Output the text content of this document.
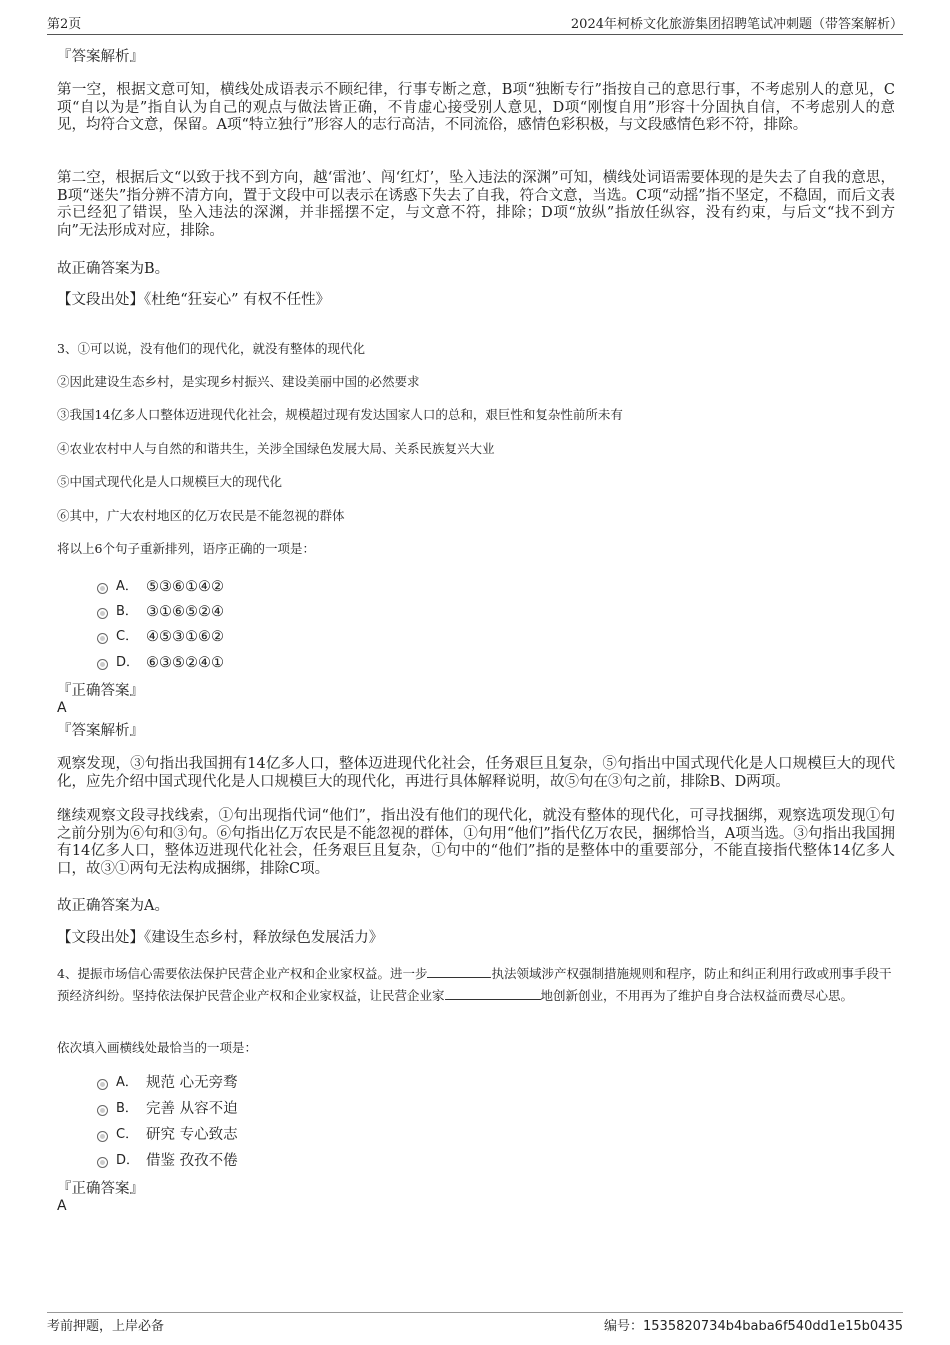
第2页	2024年柯桥文化旅游集团招聘笔试冲刺题（带答案解析）
『答案解析』
第一空，根据文意可知，横线处成语表示不顾纪律，行事专断之意，B项“独断专行”指按自己的意思行事，不考虑别人的意见，C项“自以为是”指自认为自己的观点与做法皆正确，不肯虚心接受别人意见，D项“刚愎自用”形容十分固执自信，不考虑别人的意见，均符合文意，保留。A项“特立独行”形容人的志行高洁，不同流俗，感情色彩积极，与文段感情色彩不符，排除。
第二空，根据后文“以致于找不到方向，越‘雷池’、闯‘红灯’，坠入违法的深渊”可知，横线处词语需要体现的是失去了自我的意思，B项“迷失”指分辨不清方向，置于文段中可以表示在诱惑下失去了自我，符合文意，当选。C项“动摇”指不坚定，不稳固，而后文表示已经犯了错误，坠入违法的深渊，并非摇摆不定，与文意不符，排除；D项“放纵”指放任纵容，没有约束，与后文“找不到方向”无法形成对应，排除。
故正确答案为B。
【文段出处】《杜绝“狂妄心” 有权不任性》
3、①可以说，没有他们的现代化，就没有整体的现代化
②因此建设生态乡村，是实现乡村振兴、建设美丽中国的必然要求
③我国14亿多人口整体迈进现代化社会，规模超过现有发达国家人口的总和，艰巨性和复杂性前所未有
④农业农村中人与自然的和谐共生，关涉全国绿色发展大局、关系民族复兴大业
⑤中国式现代化是人口规模巨大的现代化
⑥其中，广大农村地区的亿万农民是不能忽视的群体
将以上6个句子重新排列，语序正确的一项是：
A． ⑤③⑥①④②
B． ③①⑥⑤②④
C． ④⑤③①⑥②
D． ⑥③⑤②④①
『正确答案』
A
『答案解析』
观察发现，③句指出我国拥有14亿多人口，整体迈进现代化社会，任务艰巨且复杂，⑤句指出中国式现代化是人口规模巨大的现代化，应先介绍中国式现代化是人口规模巨大的现代化，再进行具体解释说明，故⑤句在③句之前，排除B、D两项。
继续观察文段寻找线索，①句出现指代词“他们”，指出没有他们的现代化，就没有整体的现代化，可寻找捆绑，观察选项发现①句之前分别为⑥句和③句。⑥句指出亿万农民是不能忽视的群体，①句用“他们”指代亿万农民，捆绑恰当，A项当选。③句指出我国拥有14亿多人口，整体迈进现代化社会，任务艰巨且复杂，①句中的“他们”指的是整体中的重要部分，不能直接指代整体14亿多人口，故③①两句无法构成捆绑，排除C项。
故正确答案为A。
【文段出处】《建设生态乡村，释放绿色发展活力》
4、提振市场信心需要依法保护民营企业产权和企业家权益。进一步	执法领域涉产权强制措施规则和程序，防止和纠正利用行政或刑事手段干预经济纠纷。坚持依法保护民营企业产权和企业家权益，让民营企业家	地创新创业，不用再为了维护自身合法权益而费尽心思。
依次填入画横线处最恰当的一项是：
A． 规范 心无旁骛
B． 完善 从容不迫
C． 研究 专心致志
D． 借鉴 孜孜不倦
『正确答案』
A
考前押题，上岸必备	编号：1535820734b4baba6f540dd1e15b0435
